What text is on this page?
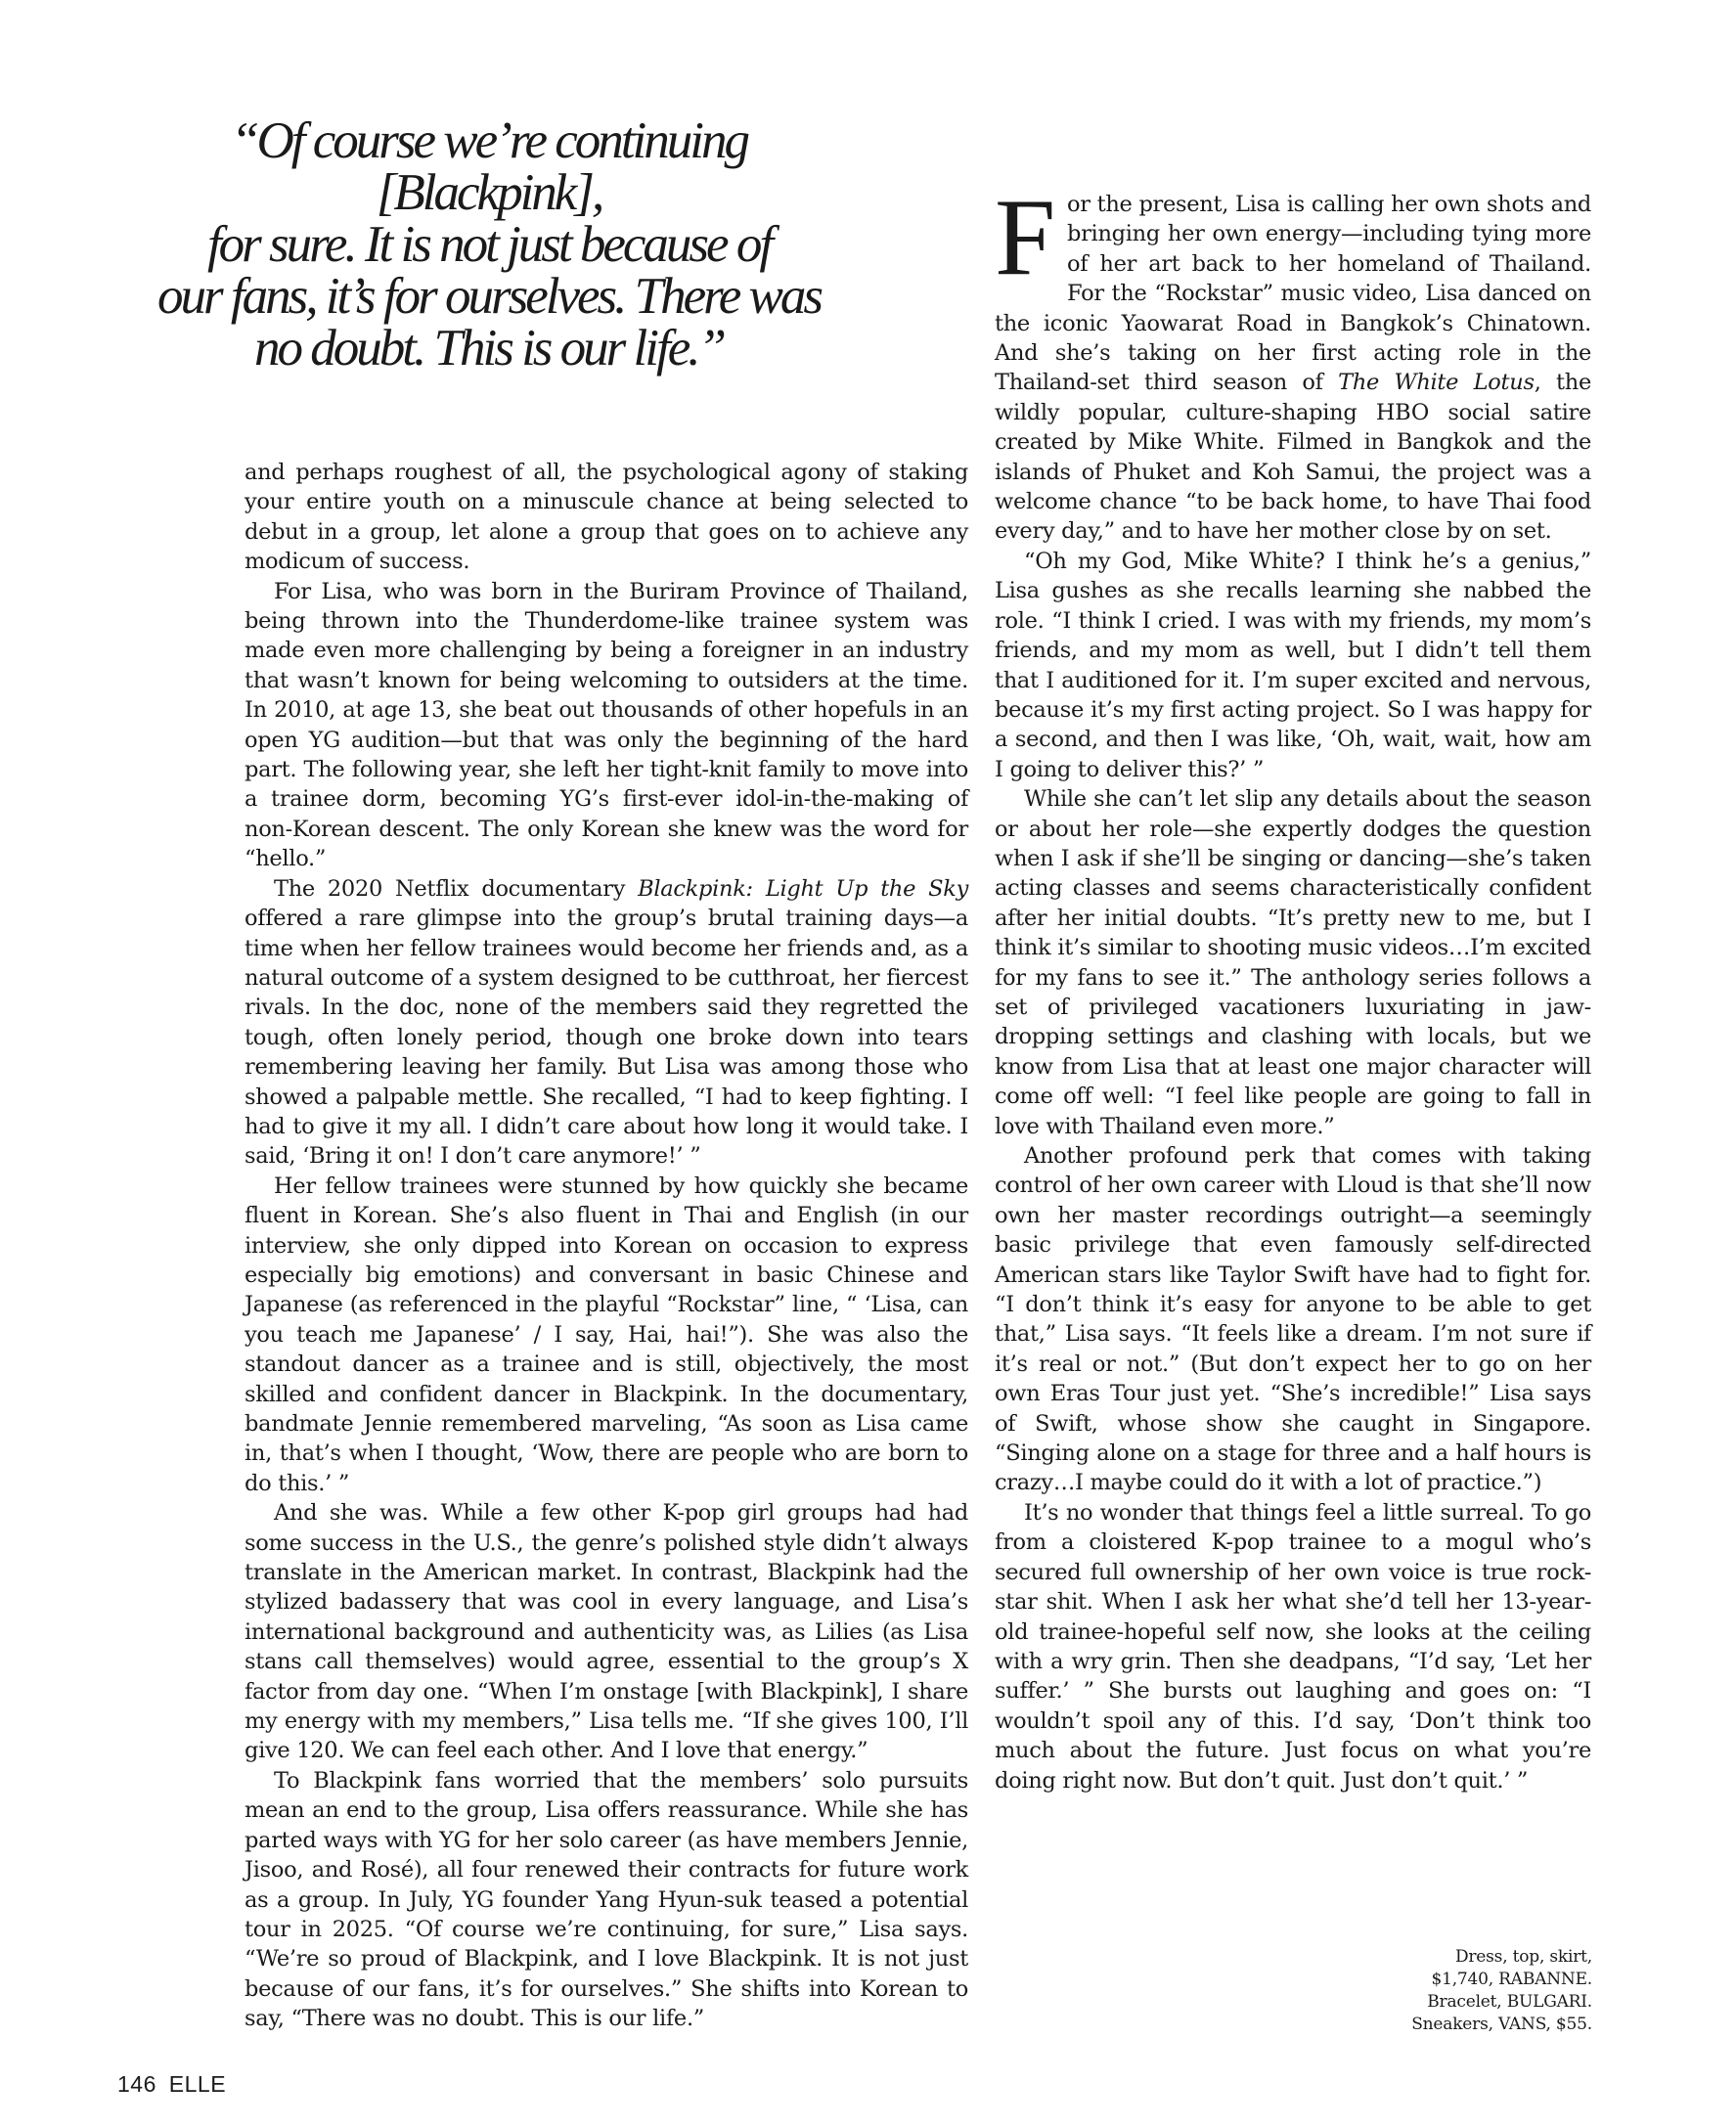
“Of course we’re continuing [Blackpink],

for sure. It is not just because of

our fans, it’s for ourselves. There was

no doubt. This is our life.”

and perhaps roughest of all, the psychological agony of staking your entire youth on a minuscule chance at being selected to debut in a group, let alone a group that goes on to achieve any modicum of success.

For Lisa, who was born in the Buriram Province of Thailand, being thrown into the Thunderdome-like trainee system was made even more challenging by being a foreigner in an industry that wasn’t known for being welcoming to outsiders at the time. In 2010, at age 13, she beat out thousands of other hopefuls in an open YG audition—but that was only the beginning of the hard part. The following year, she left her tight-knit family to move into a trainee dorm, becoming YG’s first-ever idol-in-the-making of non-Korean descent. The only Korean she knew was the word for “hello.”

The 2020 Netflix documentary Blackpink: Light Up the Sky offered a rare glimpse into the group’s brutal training days—a time when her fellow trainees would become her friends and, as a natural outcome of a system designed to be cutthroat, her fiercest rivals. In the doc, none of the members said they regretted the tough, often lonely period, though one broke down into tears remembering leaving her family. But Lisa was among those who showed a palpable mettle. She recalled, “I had to keep fighting. I had to give it my all. I didn’t care about how long it would take. I said, ‘Bring it on! I don’t care anymore!’ ”

Her fellow trainees were stunned by how quickly she became fluent in Korean. She’s also fluent in Thai and English (in our interview, she only dipped into Korean on occasion to express especially big emotions) and conversant in basic Chinese and Japanese (as referenced in the playful “Rockstar” line, “ ‘Lisa, can you teach me Japanese’ / I say, Hai, hai!”). She was also the standout dancer as a trainee and is still, objectively, the most skilled and confident dancer in Blackpink. In the documentary, bandmate Jennie remembered marveling, “As soon as Lisa came in, that’s when I thought, ‘Wow, there are people who are born to do this.’ ”

And she was. While a few other K-pop girl groups had had some success in the U.S., the genre’s polished style didn’t always translate in the American market. In contrast, Blackpink had the stylized badassery that was cool in every language, and Lisa’s international background and authenticity was, as Lilies (as Lisa stans call themselves) would agree, essential to the group’s X factor from day one. “When I’m onstage [with Blackpink], I share my energy with my members,” Lisa tells me. “If she gives 100, I’ll give 120. We can feel each other. And I love that energy.”

To Blackpink fans worried that the members’ solo pursuits mean an end to the group, Lisa offers reassurance. While she has parted ways with YG for her solo career (as have members Jennie, Jisoo, and Rosé), all four renewed their contracts for future work as a group. In July, YG founder Yang Hyun-suk teased a potential tour in 2025. “Of course we’re continuing, for sure,” Lisa says. “We’re so proud of Blackpink, and I love Blackpink. It is not just because of our fans, it’s for ourselves.” She shifts into Korean to say, “There was no doubt. This is our life.”

For the present, Lisa is calling her own shots and bringing her own energy—including tying more of her art back to her homeland of Thailand. For the “Rockstar” music video, Lisa danced on the iconic Yaowarat Road in Bangkok’s Chinatown. And she’s taking on her first acting role in the Thailand-set third season of The White Lotus, the wildly popular, culture-shaping HBO social satire created by Mike White. Filmed in Bangkok and the islands of Phuket and Koh Samui, the project was a welcome chance “to be back home, to have Thai food every day,” and to have her mother close by on set.

“Oh my God, Mike White? I think he’s a genius,” Lisa gushes as she recalls learning she nabbed the role. “I think I cried. I was with my friends, my mom’s friends, and my mom as well, but I didn’t tell them that I auditioned for it. I’m super excited and nervous, because it’s my first acting project. So I was happy for a second, and then I was like, ‘Oh, wait, wait, how am I going to deliver this?’ ”

While she can’t let slip any details about the season or about her role—she expertly dodges the question when I ask if she’ll be singing or dancing—she’s taken acting classes and seems characteristically confident after her initial doubts. “It’s pretty new to me, but I think it’s similar to shooting music videos…I’m excited for my fans to see it.” The anthology series follows a set of privileged vacationers luxuriating in jaw-dropping settings and clashing with locals, but we know from Lisa that at least one major character will come off well: “I feel like people are going to fall in love with Thailand even more.”

Another profound perk that comes with taking control of her own career with Lloud is that she’ll now own her master recordings outright—a seemingly basic privilege that even famously self-directed American stars like Taylor Swift have had to fight for. “I don’t think it’s easy for anyone to be able to get that,” Lisa says. “It feels like a dream. I’m not sure if it’s real or not.” (But don’t expect her to go on her own Eras Tour just yet. “She’s incredible!” Lisa says of Swift, whose show she caught in Singapore. “Singing alone on a stage for three and a half hours is crazy…I maybe could do it with a lot of practice.”)

It’s no wonder that things feel a little surreal. To go from a cloistered K-pop trainee to a mogul who’s secured full ownership of her own voice is true rock-star shit. When I ask her what she’d tell her 13-year-old trainee-hopeful self now, she looks at the ceiling with a wry grin. Then she deadpans, “I’d say, ‘Let her suffer.’ ” She bursts out laughing and goes on: “I wouldn’t spoil any of this. I’d say, ‘Don’t think too much about the future. Just focus on what you’re doing right now. But don’t quit. Just don’t quit.’ ”

Dress, top, skirt,
$1,740, RABANNE.
Bracelet, BULGARI.
Sneakers, VANS, $55.
146 ELLE
